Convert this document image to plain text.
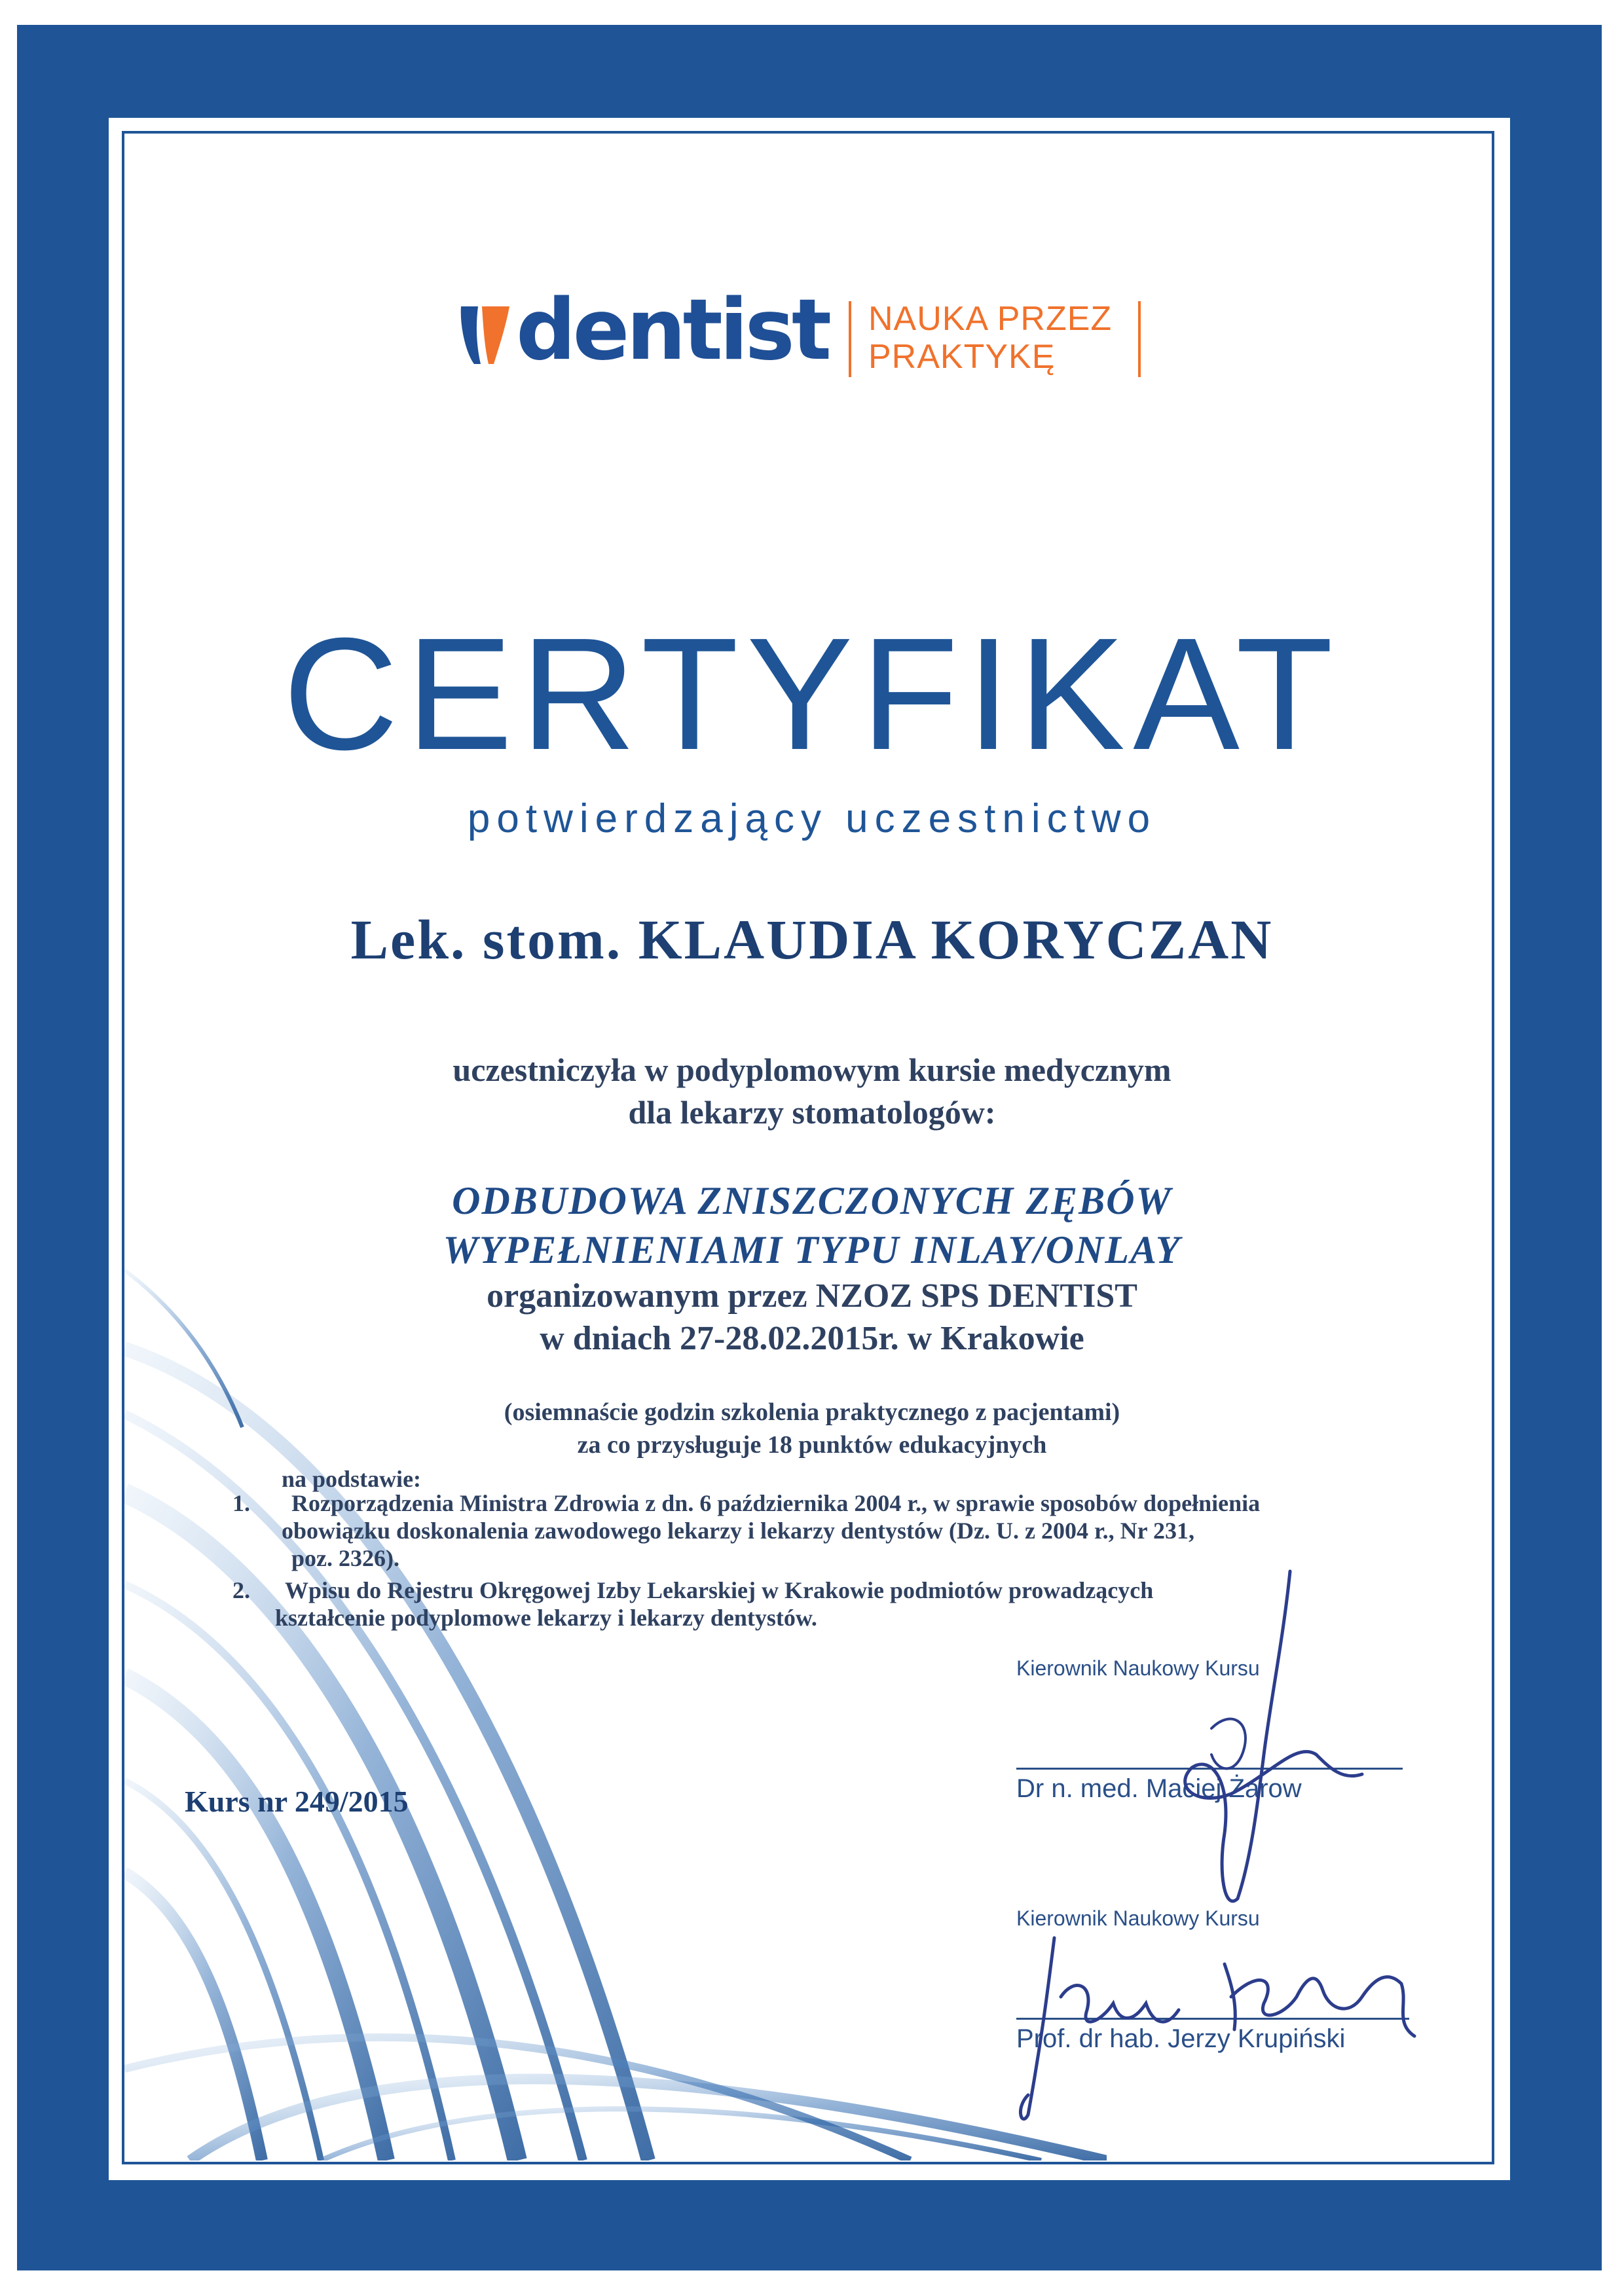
dentist NAUKA PRZEZ
PRAKTYKĘ
CERTYFIKAT
potwierdzający uczestnictwo
Lek. stom. KLAUDIA KORYCZAN
uczestniczyła w podyplomowym kursie medycznym
dla lekarzy stomatologów:
ODBUDOWA ZNISZCZONYCH ZĘBÓW
WYPEŁNIENIAMI TYPU INLAY/ONLAY
organizowanym przez NZOZ SPS DENTIST
w dniach 27-28.02.2015r. w Krakowie
(osiemnaście godzin szkolenia praktycznego z pacjentami)
za co przysługuje 18 punktów edukacyjnych
na podstawie:
1. Rozporządzenia Ministra Zdrowia z dn. 6 października 2004 r., w sprawie sposobów dopełnienia
obowiązku doskonalenia zawodowego lekarzy i lekarzy dentystów (Dz. U. z 2004 r., Nr 231,
poz. 2326).
2. Wpisu do Rejestru Okręgowej Izby Lekarskiej w Krakowie podmiotów prowadzących
kształcenie podyplomowe lekarzy i lekarzy dentystów.
Kurs nr 249/2015
Kierownik Naukowy Kursu
Dr n. med. Maciej Żarow
Kierownik Naukowy Kursu
Prof. dr hab. Jerzy Krupiński
